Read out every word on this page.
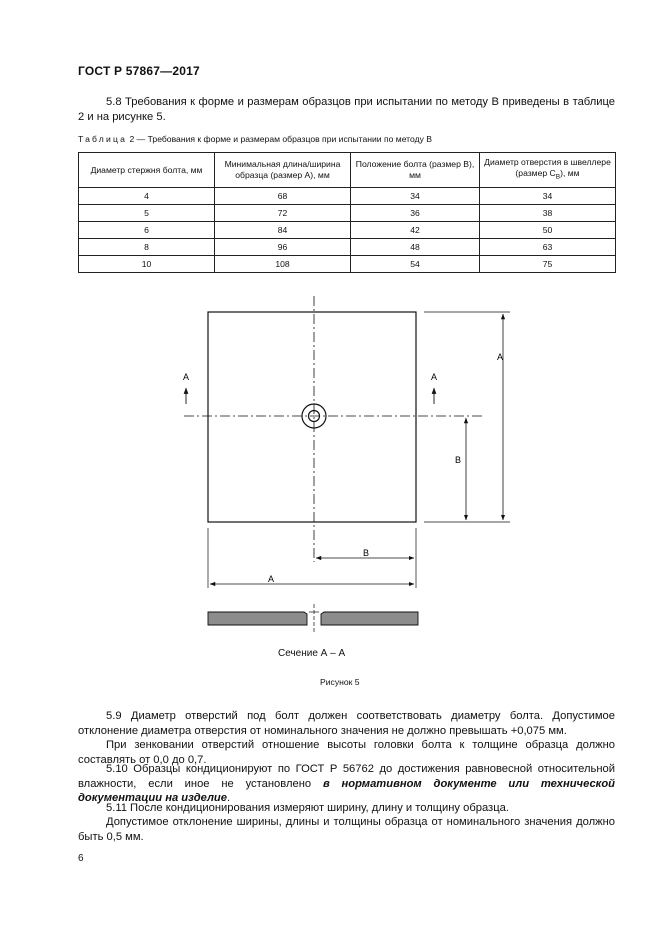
ГОСТ Р 57867—2017

5.8 Требования к форме и размерам образцов при испытании по методу В приведены в таблице 2 и на рисунке 5.

Таблица 2 — Требования к форме и размерам образцов при испытании по методу В
Диаметр стержня болта, мм	Минимальная длина/ширина образца (размер А), мм	Положение болта (размер В), мм	Диаметр отверстия в швеллере (размер $С_В$), мм
4	68	34	34
5	72	36	38
6	84	42	50
8	96	48	63
10	108	54	75
А	А
А
В
В
А
Сечение А – А
Рисунок 5

5.9 Диаметр отверстий под болт должен соответствовать диаметру болта. Допустимое отклонение диаметра отверстия от номинального значения не должно превышать +0,075 мм.

При зенковании отверстий отношение высоты головки болта к толщине образца должно составлять от 0,0 до 0,7.

5.10 Образцы кондиционируют по ГОСТ Р 56762 до достижения равновесной относительной влажности, если иное не установлено в нормативном документе или технической документации на изделие.

5.11 После кондиционирования измеряют ширину, длину и толщину образца.

Допустимое отклонение ширины, длины и толщины образца от номинального значения должно быть 0,5 мм.

6
